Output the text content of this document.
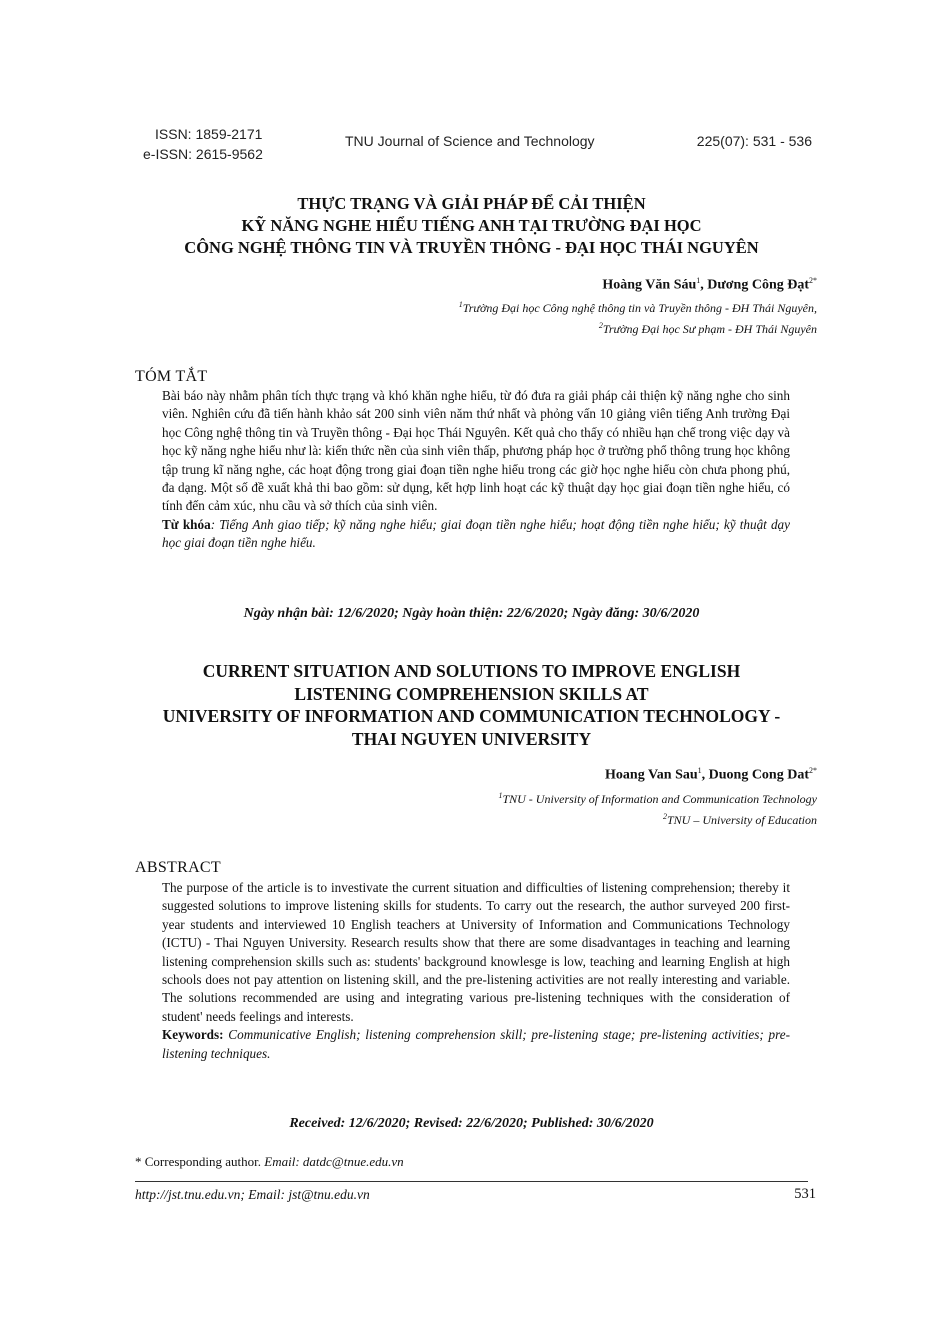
ISSN: 1859-2171
e-ISSN: 2615-9562
TNU Journal of Science and Technology	225(07): 531 - 536
THỰC TRẠNG VÀ GIẢI PHÁP ĐỂ CẢI THIỆN
KỸ NĂNG NGHE HIỂU TIẾNG ANH TẠI TRƯỜNG ĐẠI HỌC
CÔNG NGHỆ THÔNG TIN VÀ TRUYỀN THÔNG - ĐẠI HỌC THÁI NGUYÊN
Hoàng Văn Sáu$^1$, Dương Công Đạt$^{2*}$
$^1$Trường Đại học Công nghệ thông tin và Truyền thông - ĐH Thái Nguyên,
$^2$Trường Đại học Sư phạm - ĐH Thái Nguyên
TÓM TẮT
Bài báo này nhằm phân tích thực trạng và khó khăn nghe hiểu, từ đó đưa ra giải pháp cải thiện kỹ năng nghe cho sinh viên. Nghiên cứu đã tiến hành khảo sát 200 sinh viên năm thứ nhất và phỏng vấn 10 giảng viên tiếng Anh trường Đại học Công nghệ thông tin và Truyền thông - Đại học Thái Nguyên. Kết quả cho thấy có nhiều hạn chế trong việc dạy và học kỹ năng nghe hiểu như là: kiến thức nền của sinh viên thấp, phương pháp học ở trường phổ thông trung học không tập trung kĩ năng nghe, các hoạt động trong giai đoạn tiền nghe hiểu trong các giờ học nghe hiểu còn chưa phong phú, đa dạng. Một số đề xuất khả thi bao gồm: sử dụng, kết hợp linh hoạt các kỹ thuật dạy học giai đoạn tiền nghe hiểu, có tính đến cảm xúc, nhu cầu và sở thích của sinh viên.
Từ khóa: Tiếng Anh giao tiếp; kỹ năng nghe hiểu; giai đoạn tiền nghe hiểu; hoạt động tiền nghe hiểu; kỹ thuật dạy học giai đoạn tiền nghe hiểu.
Ngày nhận bài: 12/6/2020; Ngày hoàn thiện: 22/6/2020; Ngày đăng: 30/6/2020
CURRENT SITUATION AND SOLUTIONS TO IMPROVE ENGLISH
LISTENING COMPREHENSION SKILLS AT
UNIVERSITY OF INFORMATION AND COMMUNICATION TECHNOLOGY -
THAI NGUYEN UNIVERSITY
Hoang Van Sau$^1$, Duong Cong Dat$^{2*}$
$^1$TNU - University of Information and Communication Technology
$^2$TNU – University of Education
ABSTRACT
The purpose of the article is to investivate the current situation and difficulties of listening comprehension; thereby it suggested solutions to improve listening skills for students. To carry out the research, the author surveyed 200 first-year students and interviewed 10 English teachers at University of Information and Communications Technology (ICTU) - Thai Nguyen University. Research results show that there are some disadvantages in teaching and learning listening comprehension skills such as: students' background knowlesge is low, teaching and learning English at high schools does not pay attention on listening skill, and the pre-listening activities are not really interesting and variable. The solutions recommended are using and integrating various pre-listening techniques with the consideration of student' needs feelings and interests.
Keywords: Communicative English; listening comprehension skill; pre-listening stage; pre-listening activities; pre-listening techniques.
Received: 12/6/2020; Revised: 22/6/2020; Published: 30/6/2020
* Corresponding author. Email: datdc@tnue.edu.vn
http://jst.tnu.edu.vn; Email: jst@tnu.edu.vn	531
